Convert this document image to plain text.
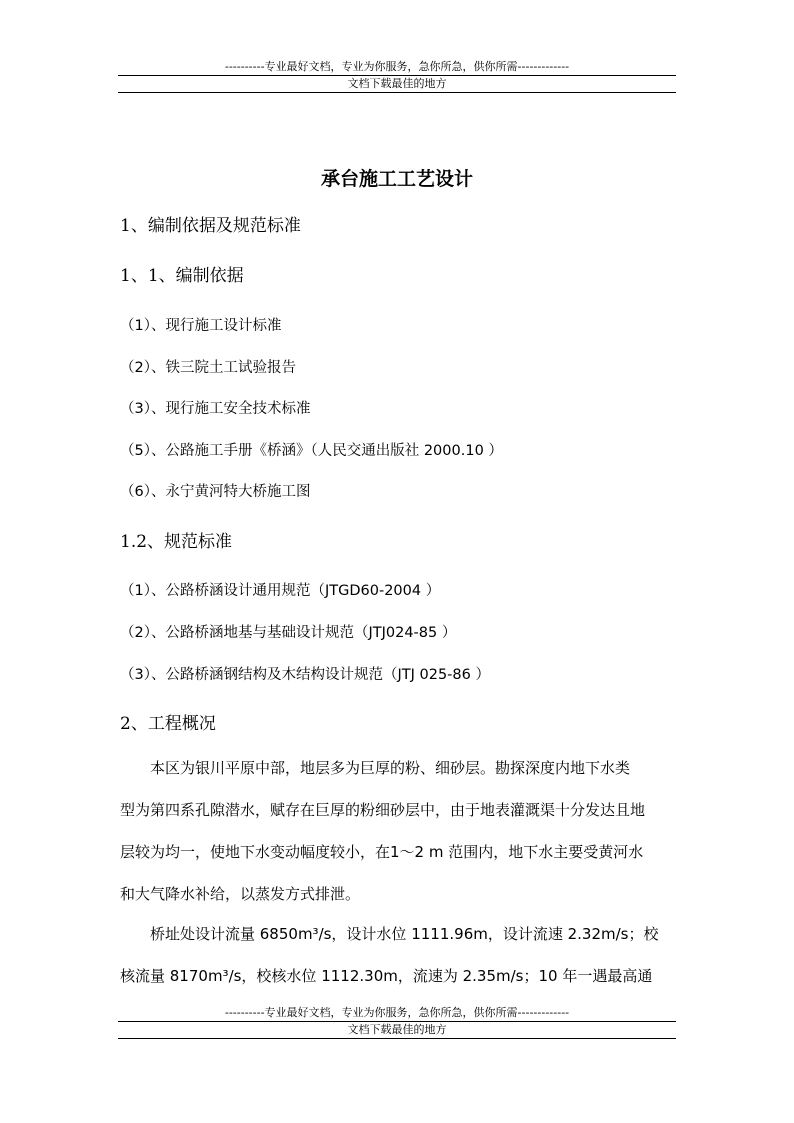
----------专业最好文档，专业为你服务，急你所急，供你所需-------------
文档下载最佳的地方
承台施工工艺设计
1、编制依据及规范标准
1、1、编制依据
（1）、现行施工设计标准
（2）、铁三院土工试验报告
（3）、现行施工安全技术标准
（5）、公路施工手册《桥涵》（人民交通出版社 2000.10 ）
（6）、永宁黄河特大桥施工图
1.2、规范标准
（1）、公路桥涵设计通用规范（JTGD60-2004 ）
（2）、公路桥涵地基与基础设计规范（JTJ024-85 ）
（3）、公路桥涵钢结构及木结构设计规范（JTJ 025-86 ）
2、工程概况
本区为银川平原中部，地层多为巨厚的粉、细砂层。勘探深度内地下水类
型为第四系孔隙潜水，赋存在巨厚的粉细砂层中，由于地表灌溉渠十分发达且地
层较为均一，使地下水变动幅度较小，在1～2 m 范围内，地下水主要受黄河水
和大气降水补给，以蒸发方式排泄。
桥址处设计流量 6850m³/s，设计水位 1111.96m，设计流速 2.32m/s；校
核流量 8170m³/s，校核水位 1112.30m，流速为 2.35m/s；10 年一遇最高通
----------专业最好文档，专业为你服务，急你所急，供你所需-------------
文档下载最佳的地方
